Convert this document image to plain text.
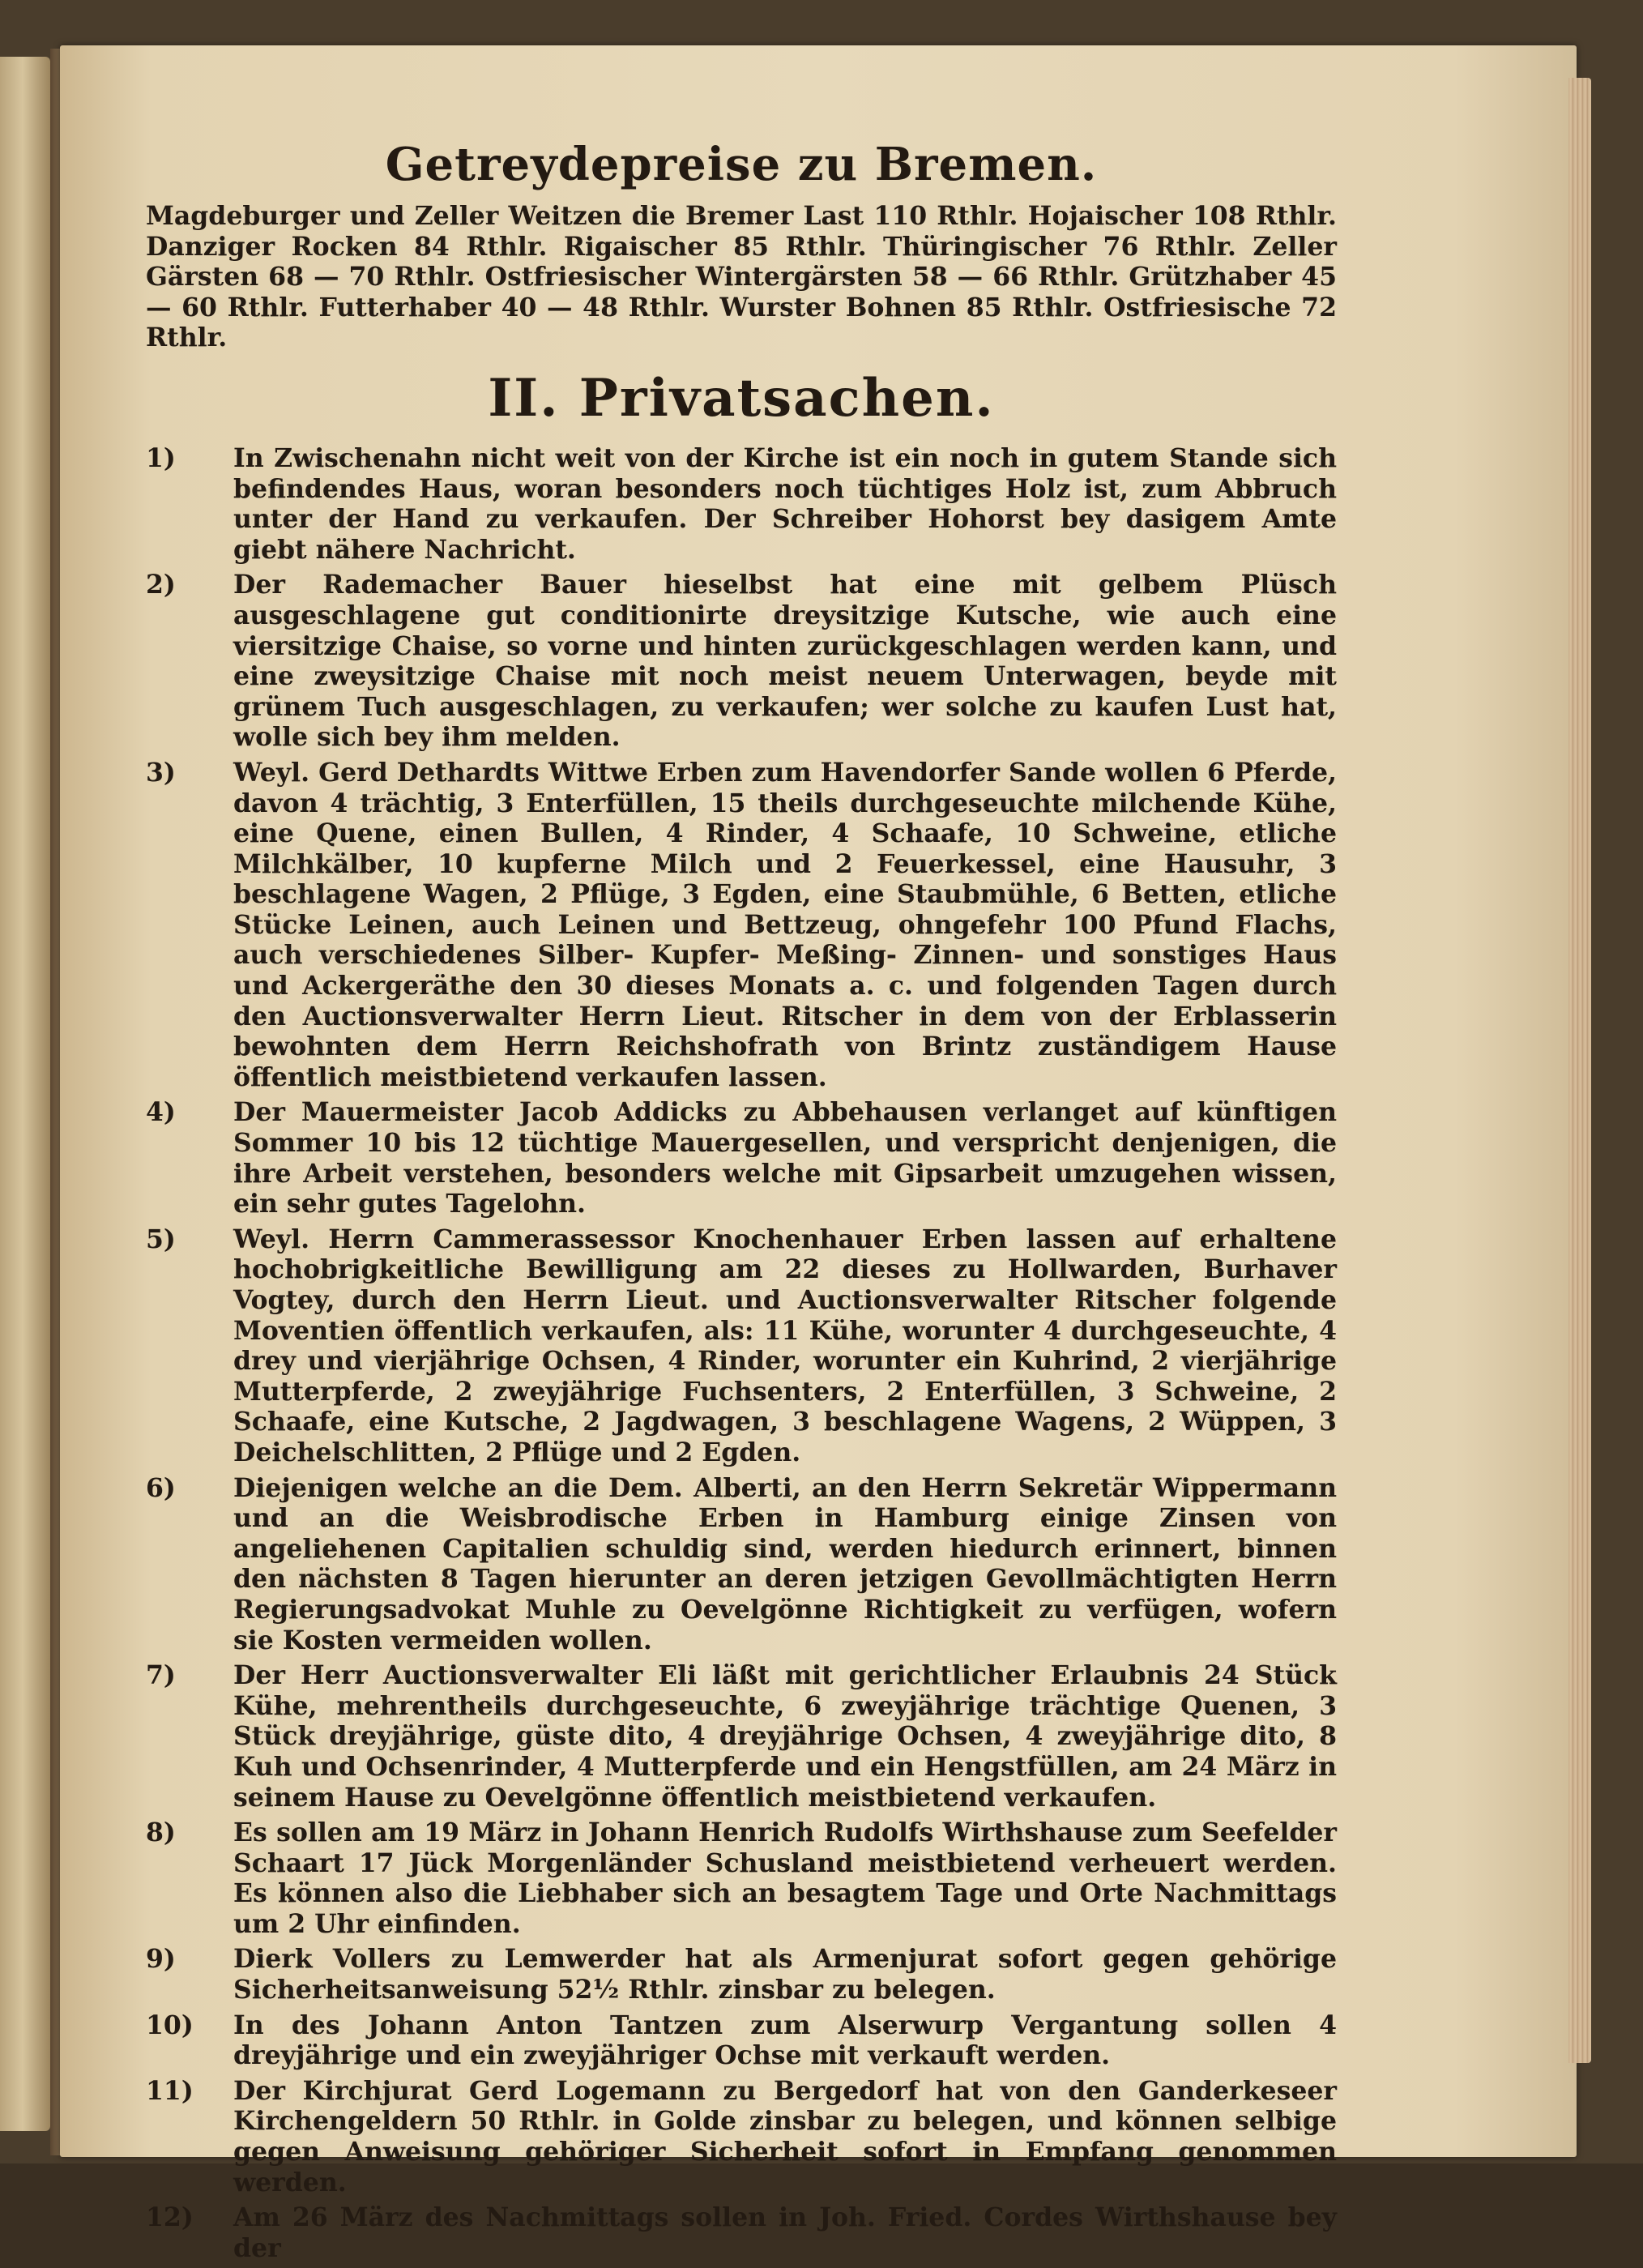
Getreydepreise zu Bremen.

Magdeburger und Zeller Weitzen die Bremer Last 110 Rthlr. Hojaischer 108 Rthlr. Danziger Rocken 84 Rthlr. Rigaischer 85 Rthlr. Thüringischer 76 Rthlr. Zeller Gärsten 68 — 70 Rthlr. Ostfriesischer Wintergärsten 58 — 66 Rthlr. Grützhaber 45 — 60 Rthlr. Futterhaber 40 — 48 Rthlr. Wurster Bohnen 85 Rthlr. Ostfriesische 72 Rthlr.

II. Privatsachen.
1)	In Zwischenahn nicht weit von der Kirche ist ein noch in gutem Stande sich befindendes Haus, woran besonders noch tüchtiges Holz ist, zum Abbruch unter der Hand zu verkaufen. Der Schreiber Hohorst bey dasigem Amte giebt nähere Nachricht.
2)	Der Rademacher Bauer hieselbst hat eine mit gelbem Plüsch ausgeschlagene gut conditionirte dreysitzige Kutsche, wie auch eine viersitzige Chaise, so vorne und hinten zurückgeschlagen werden kann, und eine zweysitzige Chaise mit noch meist neuem Unterwagen, beyde mit grünem Tuch ausgeschlagen, zu verkaufen; wer solche zu kaufen Lust hat, wolle sich bey ihm melden.
3)	Weyl. Gerd Dethardts Wittwe Erben zum Havendorfer Sande wollen 6 Pferde, davon 4 trächtig, 3 Enterfüllen, 15 theils durchgeseuchte milchende Kühe, eine Quene, einen Bullen, 4 Rinder, 4 Schaafe, 10 Schweine, etliche Milchkälber, 10 kupferne Milch und 2 Feuerkessel, eine Hausuhr, 3 beschlagene Wagen, 2 Pflüge, 3 Egden, eine Staubmühle, 6 Betten, etliche Stücke Leinen, auch Leinen und Bettzeug, ohngefehr 100 Pfund Flachs, auch verschiedenes Silber- Kupfer- Meßing- Zinnen- und sonstiges Haus und Ackergeräthe den 30 dieses Monats a. c. und folgenden Tagen durch den Auctionsverwalter Herrn Lieut. Ritscher in dem von der Erblasserin bewohnten dem Herrn Reichshofrath von Brintz zuständigem Hause öffentlich meistbietend verkaufen lassen.
4)	Der Mauermeister Jacob Addicks zu Abbehausen verlanget auf künftigen Sommer 10 bis 12 tüchtige Mauergesellen, und verspricht denjenigen, die ihre Arbeit verstehen, besonders welche mit Gipsarbeit umzugehen wissen, ein sehr gutes Tagelohn.
5)	Weyl. Herrn Cammerassessor Knochenhauer Erben lassen auf erhaltene hochobrigkeitliche Bewilligung am 22 dieses zu Hollwarden, Burhaver Vogtey, durch den Herrn Lieut. und Auctionsverwalter Ritscher folgende Moventien öffentlich verkaufen, als: 11 Kühe, worunter 4 durchgeseuchte, 4 drey und vierjährige Ochsen, 4 Rinder, worunter ein Kuhrind, 2 vierjährige Mutterpferde, 2 zweyjährige Fuchsenters, 2 Enterfüllen, 3 Schweine, 2 Schaafe, eine Kutsche, 2 Jagdwagen, 3 beschlagene Wagens, 2 Wüppen, 3 Deichelschlitten, 2 Pflüge und 2 Egden.
6)	Diejenigen welche an die Dem. Alberti, an den Herrn Sekretär Wippermann und an die Weisbrodische Erben in Hamburg einige Zinsen von angeliehenen Capitalien schuldig sind, werden hiedurch erinnert, binnen den nächsten 8 Tagen hierunter an deren jetzigen Gevollmächtigten Herrn Regierungsadvokat Muhle zu Oevelgönne Richtigkeit zu verfügen, wofern sie Kosten vermeiden wollen.
7)	Der Herr Auctionsverwalter Eli läßt mit gerichtlicher Erlaubnis 24 Stück Kühe, mehrentheils durchgeseuchte, 6 zweyjährige trächtige Quenen, 3 Stück dreyjährige, güste dito, 4 dreyjährige Ochsen, 4 zweyjährige dito, 8 Kuh und Ochsenrinder, 4 Mutterpferde und ein Hengstfüllen, am 24 März in seinem Hause zu Oevelgönne öffentlich meistbietend verkaufen.
8)	Es sollen am 19 März in Johann Henrich Rudolfs Wirthshause zum Seefelder Schaart 17 Jück Morgenländer Schusland meistbietend verheuert werden. Es können also die Liebhaber sich an besagtem Tage und Orte Nachmittags um 2 Uhr einfinden.
9)	Dierk Vollers zu Lemwerder hat als Armenjurat sofort gegen gehörige Sicherheitsanweisung 52½ Rthlr. zinsbar zu belegen.
10)	In des Johann Anton Tantzen zum Alserwurp Vergantung sollen 4 dreyjährige und ein zweyjähriger Ochse mit verkauft werden.
11)	Der Kirchjurat Gerd Logemann zu Bergedorf hat von den Ganderkeseer Kirchengeldern 50 Rthlr. in Golde zinsbar zu belegen, und können selbige gegen Anweisung gehöriger Sicherheit sofort in Empfang genommen werden.
12)	Am 26 März des Nachmittags sollen in Joh. Fried. Cordes Wirthshause bey der
